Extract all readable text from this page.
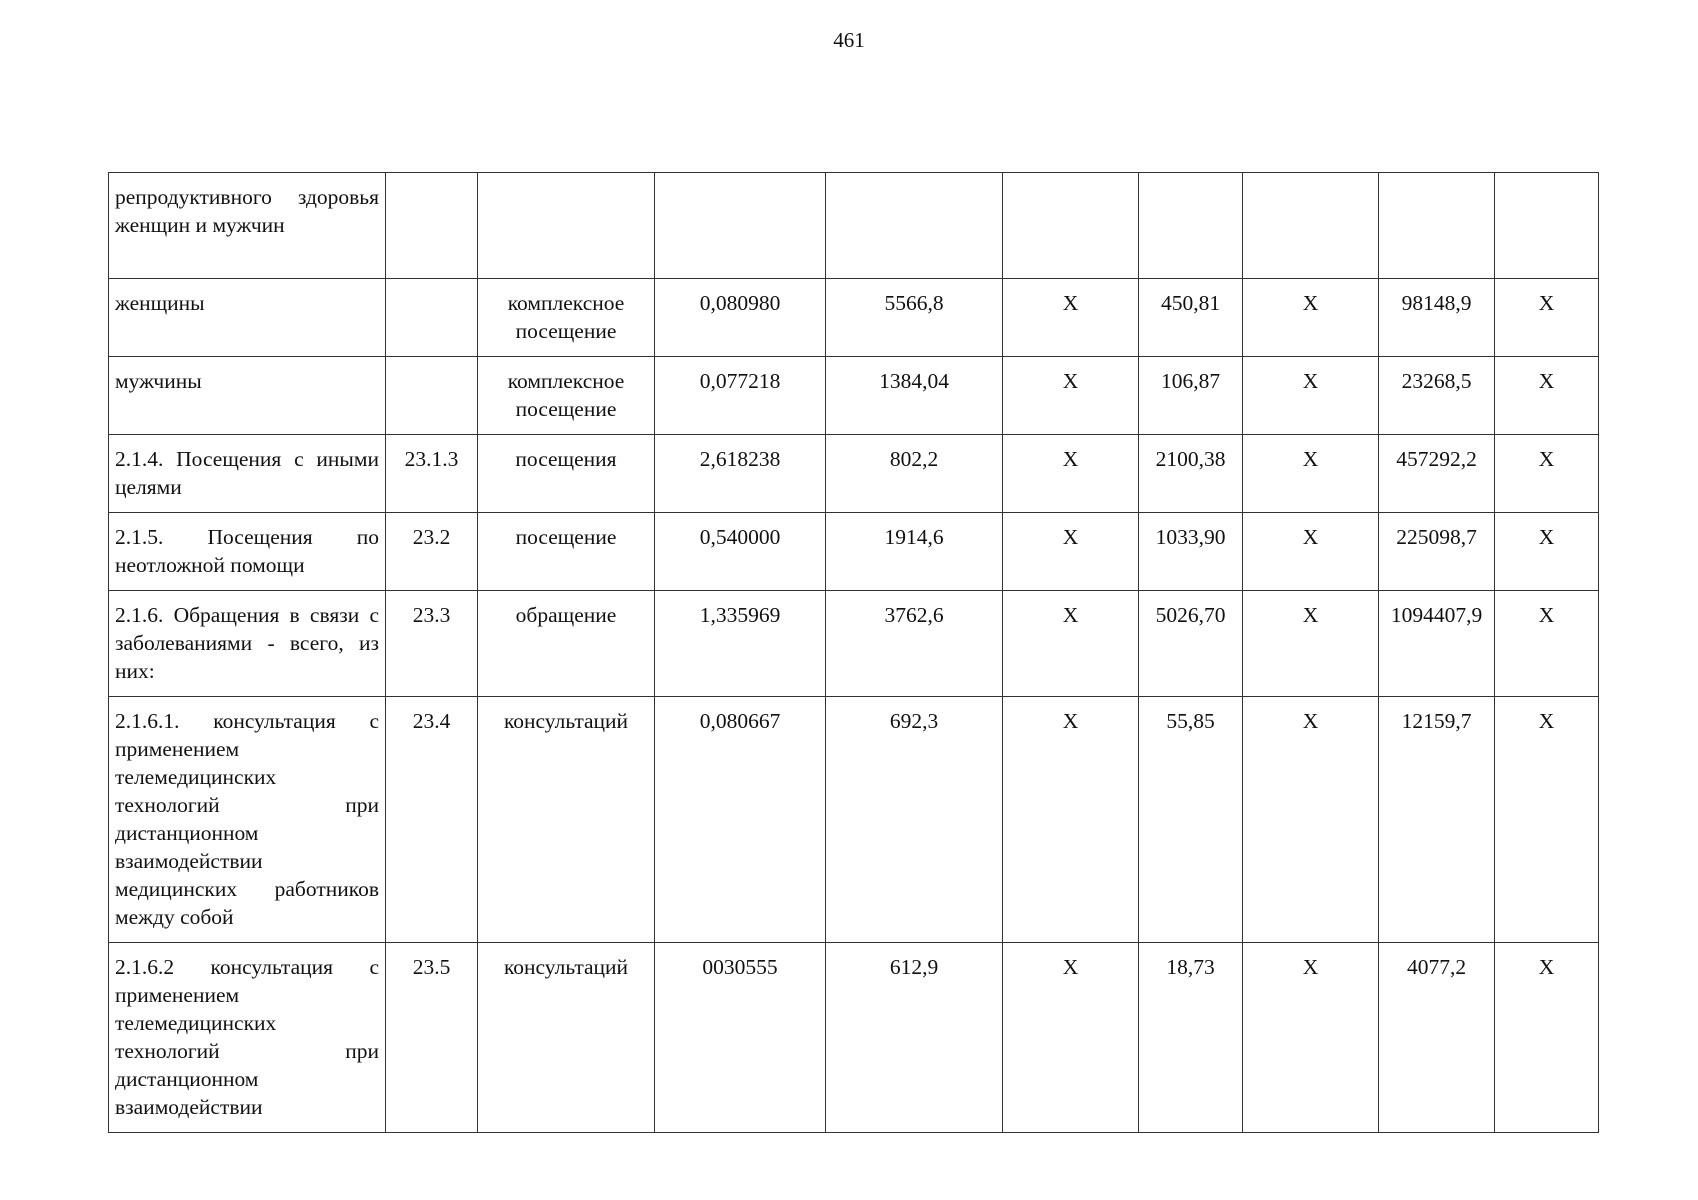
461
репродуктивного здоровья женщин и мужчин									
женщины		комплексное посещение	0,080980	5566,8	X	450,81	X	98148,9	X
мужчины		комплексное посещение	0,077218	1384,04	X	106,87	X	23268,5	X
2.1.4. Посещения с иными целями	23.1.3	посещения	2,618238	802,2	X	2100,38	X	457292,2	X
2.1.5. Посещения по неотложной помощи	23.2	посещение	0,540000	1914,6	X	1033,90	X	225098,7	X
2.1.6. Обращения в связи с заболеваниями - всего, из них:	23.3	обращение	1,335969	3762,6	X	5026,70	X	1094407,9	X
2.1.6.1. консультация с применением телемедицинских технологий при дистанционном взаимодействии медицинских работников между собой	23.4	консультаций	0,080667	692,3	X	55,85	X	12159,7	X
2.1.6.2 консультация с применением телемедицинских технологий при дистанционном взаимодействии	23.5	консультаций	0030555	612,9	X	18,73	X	4077,2	X
